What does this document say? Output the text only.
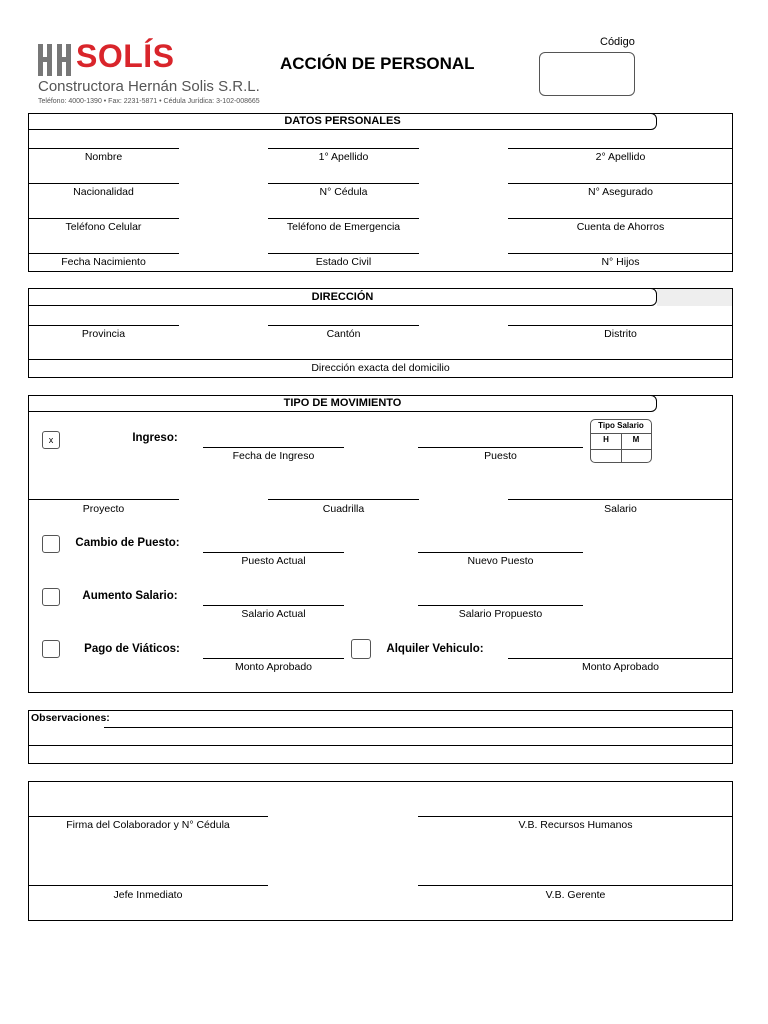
SOLÍS
Constructora Hernán Solis S.R.L.
Teléfono: 4000-1390 • Fax: 2231-5871 • Cédula Jurídica: 3-102-008665
ACCIÓN DE PERSONAL
Código
DATOS PERSONALES
Nombre	1° Apellido	2° Apellido
Nacionalidad	N° Cédula	N° Asegurado
Teléfono Celular	Teléfono de Emergencia	Cuenta de Ahorros
Fecha Nacimiento	Estado Civil	N° Hijos
DIRECCIÓN
Provincia	Cantón	Distrito
Dirección exacta del domicilio
TIPO DE MOVIMIENTO
x	Ingreso:
Fecha de Ingreso	Puesto
Tipo Salario
H	M
Proyecto	Cuadrilla	Salario
Cambio de Puesto:
Puesto Actual	Nuevo Puesto
Aumento Salario:
Salario Actual	Salario Propuesto
Pago de Viáticos:
Monto Aprobado
Alquiler Vehiculo:
Monto Aprobado
Observaciones:
Firma del Colaborador y N° Cédula	V.B. Recursos Humanos
Jefe Inmediato	V.B. Gerente
